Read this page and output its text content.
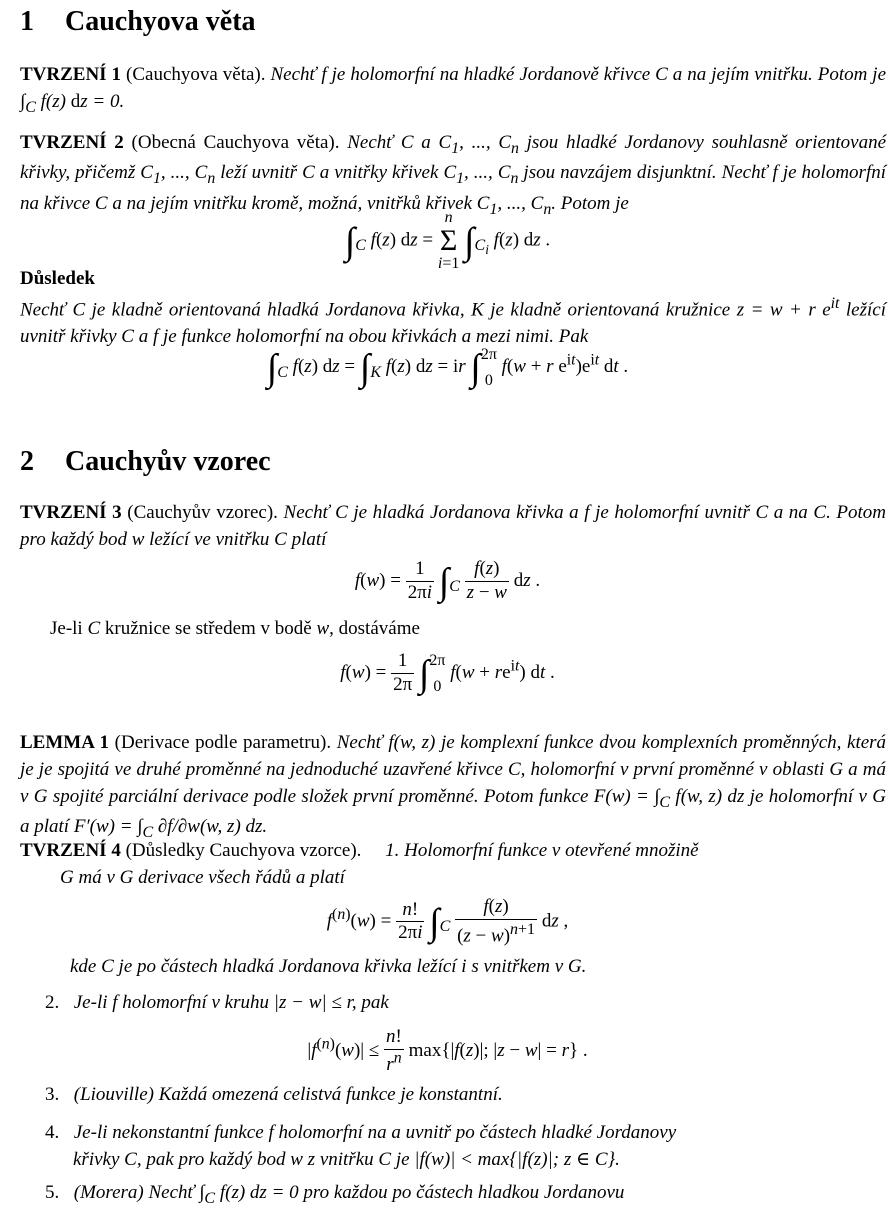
1 Cauchyova věta

TVRZENÍ 1 (Cauchyova věta). Nechť f je holomorfní na hladké Jordanově křivce C a na jejím vnitřku. Potom je $\int_C$ f(z) dz = 0.

TVRZENÍ 2 (Obecná Cauchyova věta). Nechť C a $C_1$, ..., $C_n$ jsou hladké Jordanovy souhlasně orientované křivky, přičemž $C_1$, ..., $C_n$ leží uvnitř C a vnitřky křivek $C_1$, ..., $C_n$ jsou navzájem disjunktní. Nechť f je holomorfní na křivce C a na jejím vnitřku kromě, možná, vnitřků křivek $C_1$, ..., $C_n$. Potom je

$\int_C$ f(z) dz =
n
Σ
i=1
$\int_{C_i}$ f(z) dz .

Důsledek

Nechť C je kladně orientovaná hladká Jordanova křivka, K je kladně orientovaná kružnice z = w + r $e^{it}$ ležící uvnitř křivky C a f je funkce holomorfní na obou křivkách a mezi nimi. Pak

$\int_C$ f(z) dz = $\int_K$ f(z) dz = ir ∫ 2π
0
f(w + r $e^{it})e^{it}$ dt .
2 Cauchyův vzorec

TVRZENÍ 3 (Cauchyův vzorec). Nechť C je hladká Jordanova křivka a f je holomorfní uvnitř C a na C. Potom pro každý bod w ležící ve vnitřku C platí

$f(w) = \frac{1}{2\pi i} \int_C \frac{f(z)}{z - w}$ dz .

Je-li C kružnice se středem v bodě w, dostáváme

$f(w) = \frac{1}{2\pi}$ ∫ 2π
0
$f(w + re^{it})$ dt .

LEMMA 1 (Derivace podle parametru). Nechť f(w, z) je komplexní funkce dvou komplexních proměnných, která je je spojitá ve druhé proměnné na jednoduché uzavřené křivce C, holomorfní v první proměnné v oblasti G a má v G spojité parciální derivace podle složek první proměnné. Potom funkce $F(w) = \int_C$ f(w, z) dz je holomorfní v G a platí $F'(w) = \int_C$ ∂f/∂w(w, z) dz.

TVRZENÍ 4 (Důsledky Cauchyova vzorce). 1. Holomorfní funkce v otevřené množině

G má v G derivace všech řádů a platí

$f^{(n)}(w) = \frac{n!}{2\pi i} \int_C \frac{f(z)}{(z - w)^{n+1}}$ dz ,

kde C je po částech hladká Jordanova křivka ležící i s vnitřkem v G.

2. Je-li f holomorfní v kruhu |z − w| ≤ r, pak
$|f^{(n)}(w)| \le \frac{n!}{r^n} \max\{|f(z)|$; |z − w| = r} .
3. (Liouville) Každá omezená celistvá funkce je konstantní.
4. Je-li nekonstantní funkce f holomorfní na a uvnitř po částech hladké Jordanovy
křivky C, pak pro každý bod w z vnitřku C je |f(w)| < max{|f(z)|; z ∈ C}.
5. (Morera) Nechť $\int_C$ f(z) dz = 0 pro každou po částech hladkou Jordanovu
